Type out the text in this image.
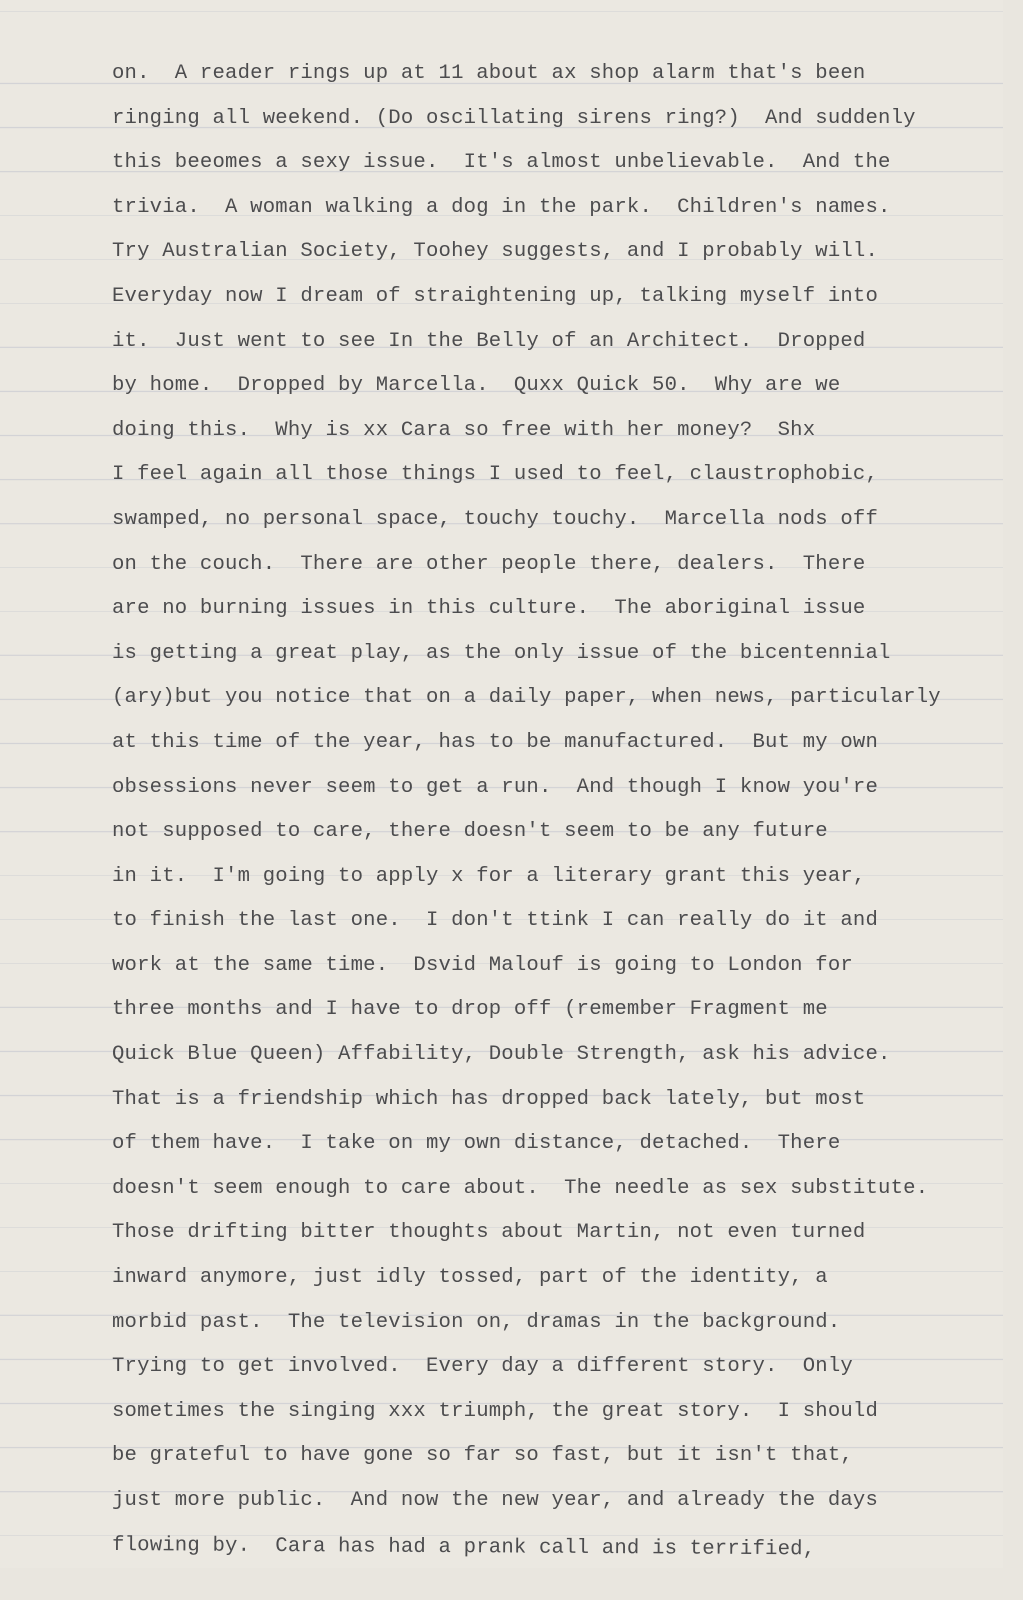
on.  A reader rings up at 11 about ax shop alarm that's been
ringing all weekend. (Do oscillating sirens ring?)  And suddenly
this beeomes a sexy issue.  It's almost unbelievable.  And the
trivia.  A woman walking a dog in the park.  Children's names.
Try Australian Society, Toohey suggests, and I probably will.
Everyday now I dream of straightening up, talking myself into
it.  Just went to see In the Belly of an Architect.  Dropped
by home.  Dropped by Marcella.  Quxx Quick 50.  Why are we
doing this.  Why is xx Cara so free with her money?  Shx
I feel again all those things I used to feel, claustrophobic,
swamped, no personal space, touchy touchy.  Marcella nods off
on the couch.  There are other people there, dealers.  There
are no burning issues in this culture.  The aboriginal issue
is getting a great play, as the only issue of the bicentennial
(ary)but you notice that on a daily paper, when news, particularly
at this time of the year, has to be manufactured.  But my own
obsessions never seem to get a run.  And though I know you're
not supposed to care, there doesn't seem to be any future
in it.  I'm going to apply x for a literary grant this year,
to finish the last one.  I don't ttink I can really do it and
work at the same time.  Dsvid Malouf is going to London for
three months and I have to drop off (remember Fragment me
Quick Blue Queen) Affability, Double Strength, ask his advice.
That is a friendship which has dropped back lately, but most
of them have.  I take on my own distance, detached.  There
doesn't seem enough to care about.  The needle as sex substitute.
Those drifting bitter thoughts about Martin, not even turned
inward anymore, just idly tossed, part of the identity, a
morbid past.  The television on, dramas in the background.
Trying to get involved.  Every day a different story.  Only
sometimes the singing xxx triumph, the great story.  I should
be grateful to have gone so far so fast, but it isn't that,
just more public.  And now the new year, and already the days
flowing by.  Cara has had a prank call and is terrified,
